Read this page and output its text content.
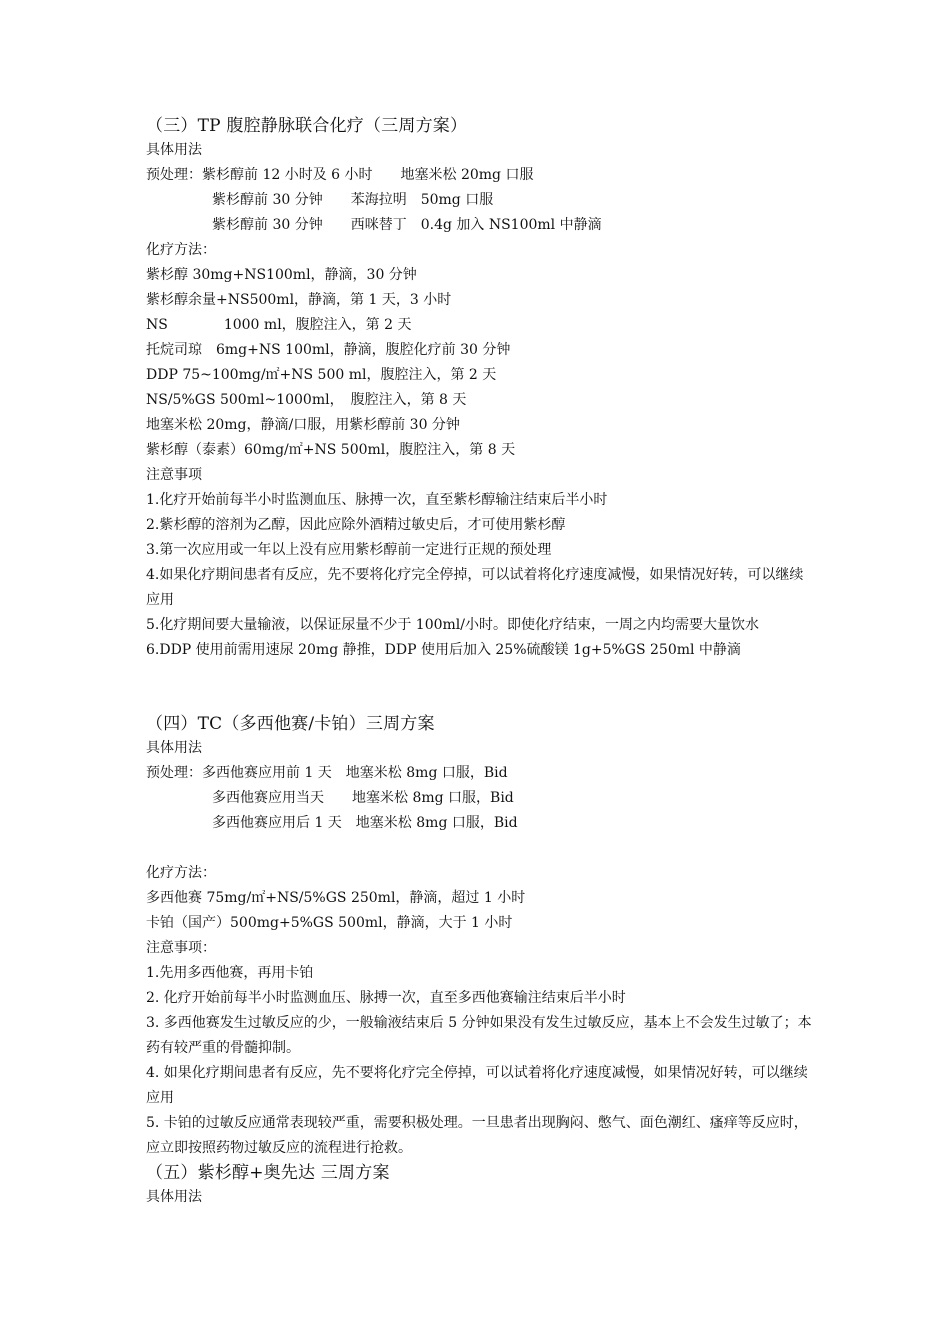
（三）TP 腹腔静脉联合化疗（三周方案）
具体用法
预处理：紫杉醇前 12 小时及 6 小时　　地塞米松 20mg 口服
紫杉醇前 30 分钟　　苯海拉明　50mg 口服
紫杉醇前 30 分钟　　西咪替丁　0.4g 加入 NS100ml 中静滴
化疗方法：
紫杉醇 30mg+NS100ml，静滴，30 分钟
紫杉醇余量+NS500ml，静滴，第 1 天，3 小时
NS　　　　1000 ml，腹腔注入，第 2 天
托烷司琼　6mg+NS 100ml，静滴，腹腔化疗前 30 分钟
DDP 75~100mg/㎡+NS 500 ml，腹腔注入，第 2 天
NS/5%GS 500ml~1000ml，　腹腔注入，第 8 天
地塞米松 20mg，静滴/口服，用紫杉醇前 30 分钟
紫杉醇（泰素）60mg/㎡+NS 500ml，腹腔注入，第 8 天
注意事项
1.化疗开始前每半小时监测血压、脉搏一次，直至紫杉醇输注结束后半小时
2.紫杉醇的溶剂为乙醇，因此应除外酒精过敏史后，才可使用紫杉醇
3.第一次应用或一年以上没有应用紫杉醇前一定进行正规的预处理
4.如果化疗期间患者有反应，先不要将化疗完全停掉，可以试着将化疗速度减慢，如果情况好转，可以继续应用
5.化疗期间要大量输液，以保证尿量不少于 100ml/小时。即使化疗结束，一周之内均需要大量饮水
6.DDP 使用前需用速尿 20mg 静推，DDP 使用后加入 25%硫酸镁 1g+5%GS 250ml 中静滴
（四）TC（多西他赛/卡铂）三周方案
具体用法
预处理：多西他赛应用前 1 天　地塞米松 8mg 口服，Bid
多西他赛应用当天　　地塞米松 8mg 口服，Bid
多西他赛应用后 1 天　地塞米松 8mg 口服，Bid
化疗方法：
多西他赛 75mg/㎡+NS/5%GS 250ml，静滴，超过 1 小时
卡铂（国产）500mg+5%GS 500ml，静滴，大于 1 小时
注意事项：
1.先用多西他赛，再用卡铂
2. 化疗开始前每半小时监测血压、脉搏一次，直至多西他赛输注结束后半小时
3. 多西他赛发生过敏反应的少，一般输液结束后 5 分钟如果没有发生过敏反应，基本上不会发生过敏了；本药有较严重的骨髓抑制。
4. 如果化疗期间患者有反应，先不要将化疗完全停掉，可以试着将化疗速度减慢，如果情况好转，可以继续应用
5. 卡铂的过敏反应通常表现较严重，需要积极处理。一旦患者出现胸闷、憋气、面色潮红、瘙痒等反应时，应立即按照药物过敏反应的流程进行抢救。
（五）紫杉醇+奥先达 三周方案
具体用法
